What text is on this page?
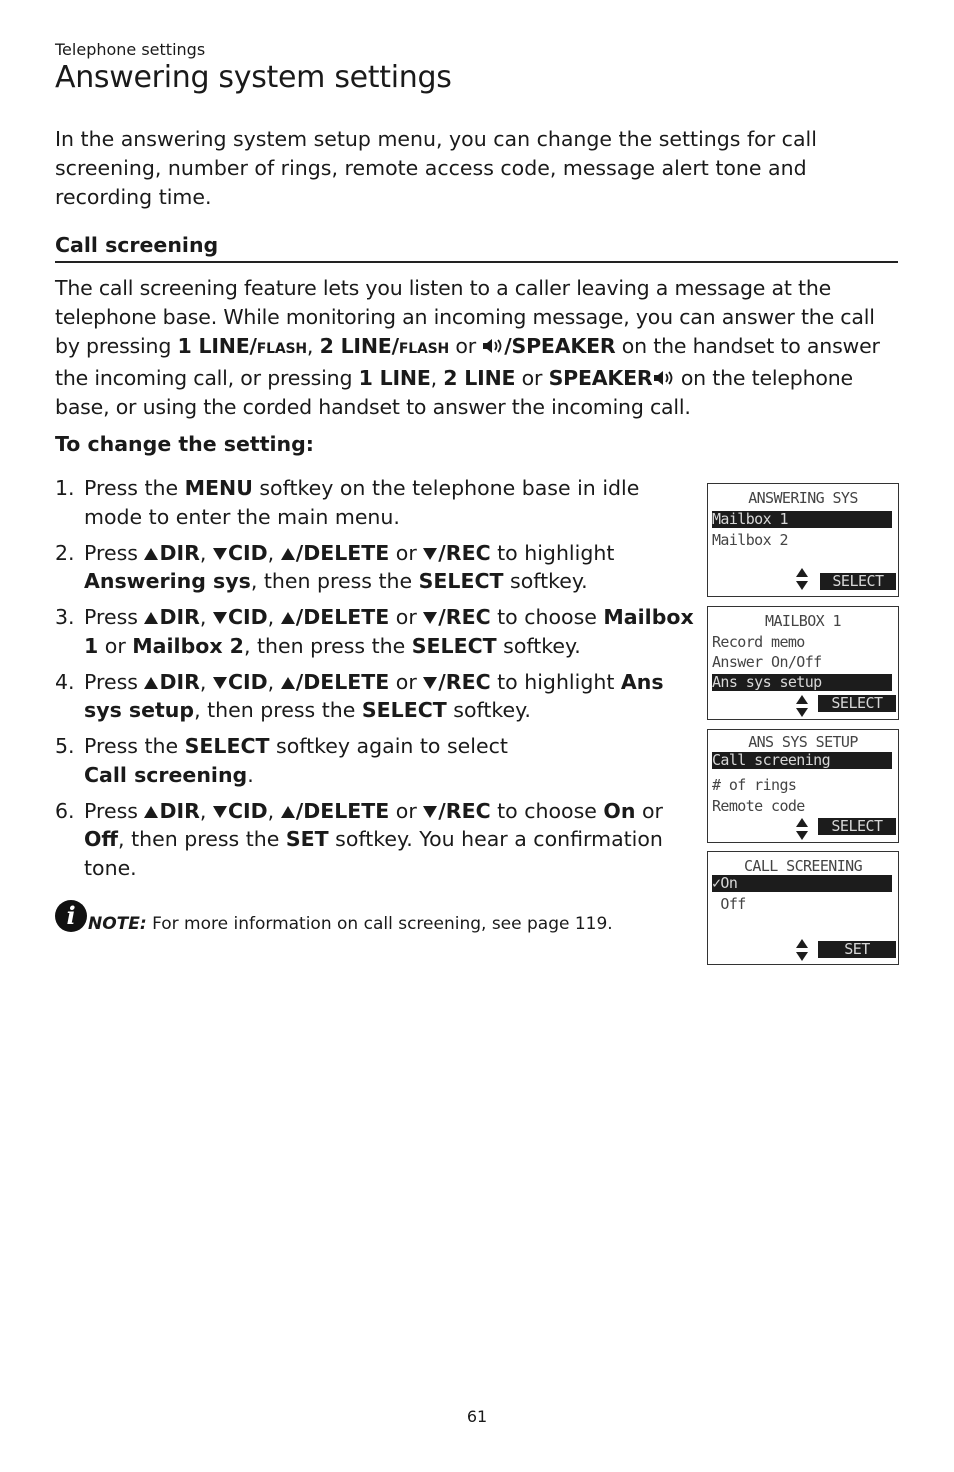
Telephone settings
Answering system settings

In the answering system setup menu, you can change the settings for call screening, number of rings, remote access code, message alert tone and recording time.

Call screening

The call screening feature lets you listen to a caller leaving a message at the telephone base. While monitoring an incoming message, you can answer the call by pressing 1 LINE/FLASH, 2 LINE/FLASH or /SPEAKER on the handset to answer the incoming call, or pressing 1 LINE, 2 LINE or SPEAKER on the telephone base, or using the corded handset to answer the incoming call.

To change the setting:
1. Press the MENU softkey on the telephone base in idle mode to enter the main menu.
2. Press DIR, CID, /DELETE or /REC to highlight Answering sys, then press the SELECT softkey.
3. Press DIR, CID, /DELETE or /REC to choose Mailbox 1 or Mailbox 2, then press the SELECT softkey.
4. Press DIR, CID, /DELETE or /REC to highlight Ans sys setup, then press the SELECT softkey.
5. Press the SELECT softkey again to select
Call screening.
6. Press DIR, CID, /DELETE or /REC to choose On or Off, then press the SET softkey. You hear a confirmation tone.
i NOTE: For more information on call screening, see page 119.
ANSWERING SYS
Mailbox 1
Mailbox 2
SELECT
MAILBOX 1
Record memo
Answer On/Off
Ans sys setup
SELECT
ANS SYS SETUP
Call screening
# of rings
Remote code
SELECT
CALL SCREENING
✓On
Off
SET
61
